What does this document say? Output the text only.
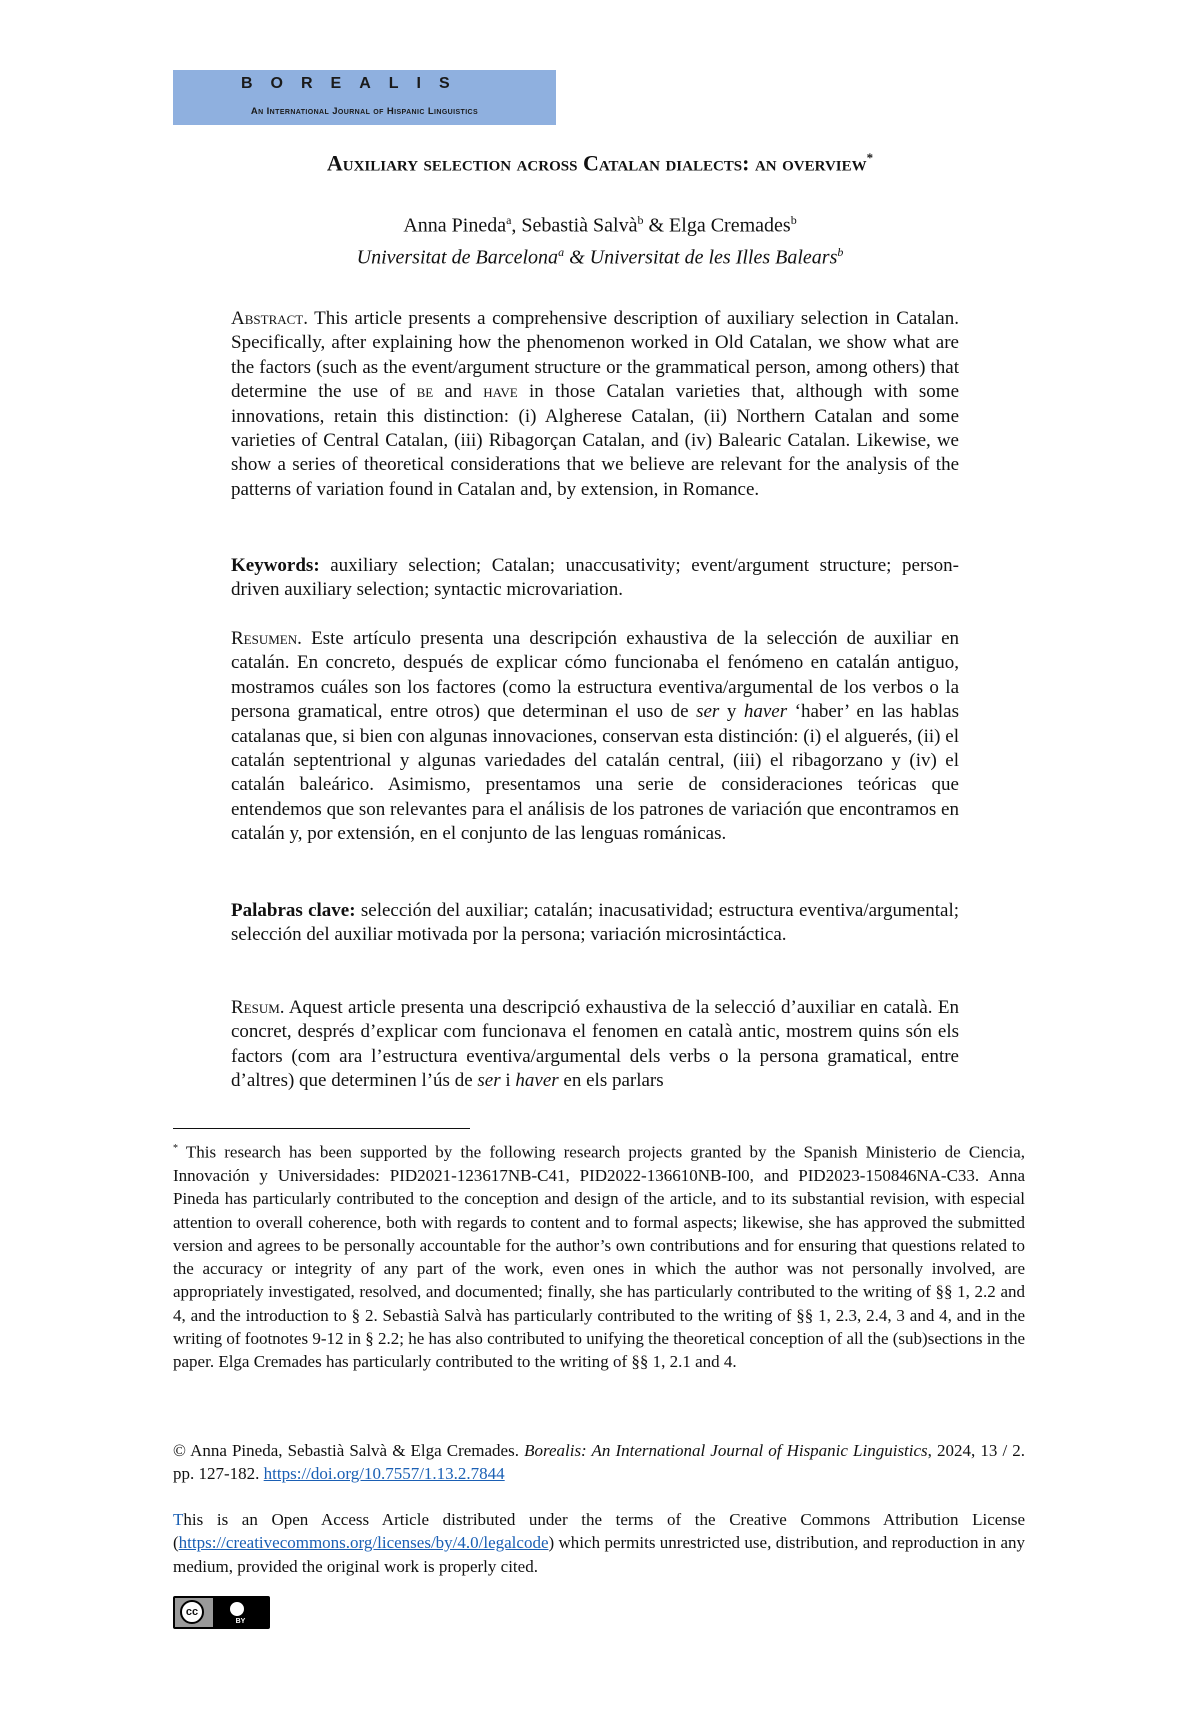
BOREALIS
An International Journal of Hispanic Linguistics
Auxiliary selection across Catalan dialects: an overview*
Anna Pineda$^a$, Sebastià Salvà$^b$ & Elga Cremades$^b$
Universitat de Barcelona$^a$ & Universitat de les Illes Balears$^b$
Abstract. This article presents a comprehensive description of auxiliary selection in Catalan. Specifically, after explaining how the phenomenon worked in Old Catalan, we show what are the factors (such as the event/argument structure or the grammatical person, among others) that determine the use of be and have in those Catalan varieties that, although with some innovations, retain this distinction: (i) Algherese Catalan, (ii) Northern Catalan and some varieties of Central Catalan, (iii) Ribagorçan Catalan, and (iv) Balearic Catalan. Likewise, we show a series of theoretical considerations that we believe are relevant for the analysis of the patterns of variation found in Catalan and, by extension, in Romance.
Keywords: auxiliary selection; Catalan; unaccusativity; event/argument structure; person-driven auxiliary selection; syntactic microvariation.
Resumen. Este artículo presenta una descripción exhaustiva de la selección de auxiliar en catalán. En concreto, después de explicar cómo funcionaba el fenómeno en catalán antiguo, mostramos cuáles son los factores (como la estructura eventiva/argumental de los verbos o la persona gramatical, entre otros) que determinan el uso de ser y haver ‘haber’ en las hablas catalanas que, si bien con algunas innovaciones, conservan esta distinción: (i) el alguerés, (ii) el catalán septentrional y algunas variedades del catalán central, (iii) el ribagorzano y (iv) el catalán baleárico. Asimismo, presentamos una serie de consideraciones teóricas que entendemos que son relevantes para el análisis de los patrones de variación que encontramos en catalán y, por extensión, en el conjunto de las lenguas románicas.
Palabras clave: selección del auxiliar; catalán; inacusatividad; estructura eventiva/argumental; selección del auxiliar motivada por la persona; variación microsintáctica.
Resum. Aquest article presenta una descripció exhaustiva de la selecció d’auxiliar en català. En concret, després d’explicar com funcionava el fenomen en català antic, mostrem quins són els factors (com ara l’estructura eventiva/argumental dels verbs o la persona gramatical, entre d’altres) que determinen l’ús de ser i haver en els parlars
* This research has been supported by the following research projects granted by the Spanish Ministerio de Ciencia, Innovación y Universidades: PID2021-123617NB-C41, PID2022-136610NB-I00, and PID2023-150846NA-C33. Anna Pineda has particularly contributed to the conception and design of the article, and to its substantial revision, with especial attention to overall coherence, both with regards to content and to formal aspects; likewise, she has approved the submitted version and agrees to be personally accountable for the author’s own contributions and for ensuring that questions related to the accuracy or integrity of any part of the work, even ones in which the author was not personally involved, are appropriately investigated, resolved, and documented; finally, she has particularly contributed to the writing of §§ 1, 2.2 and 4, and the introduction to § 2. Sebastià Salvà has particularly contributed to the writing of §§ 1, 2.3, 2.4, 3 and 4, and in the writing of footnotes 9-12 in § 2.2; he has also contributed to unifying the theoretical conception of all the (sub)sections in the paper. Elga Cremades has particularly contributed to the writing of §§ 1, 2.1 and 4.
© Anna Pineda, Sebastià Salvà & Elga Cremades. Borealis: An International Journal of Hispanic Linguistics, 2024, 13 / 2. pp. 127-182. https://doi.org/10.7557/1.13.2.7844
This is an Open Access Article distributed under the terms of the Creative Commons Attribution License (https://creativecommons.org/licenses/by/4.0/legalcode) which permits unrestricted use, distribution, and reproduction in any medium, provided the original work is properly cited.
cc
BY
